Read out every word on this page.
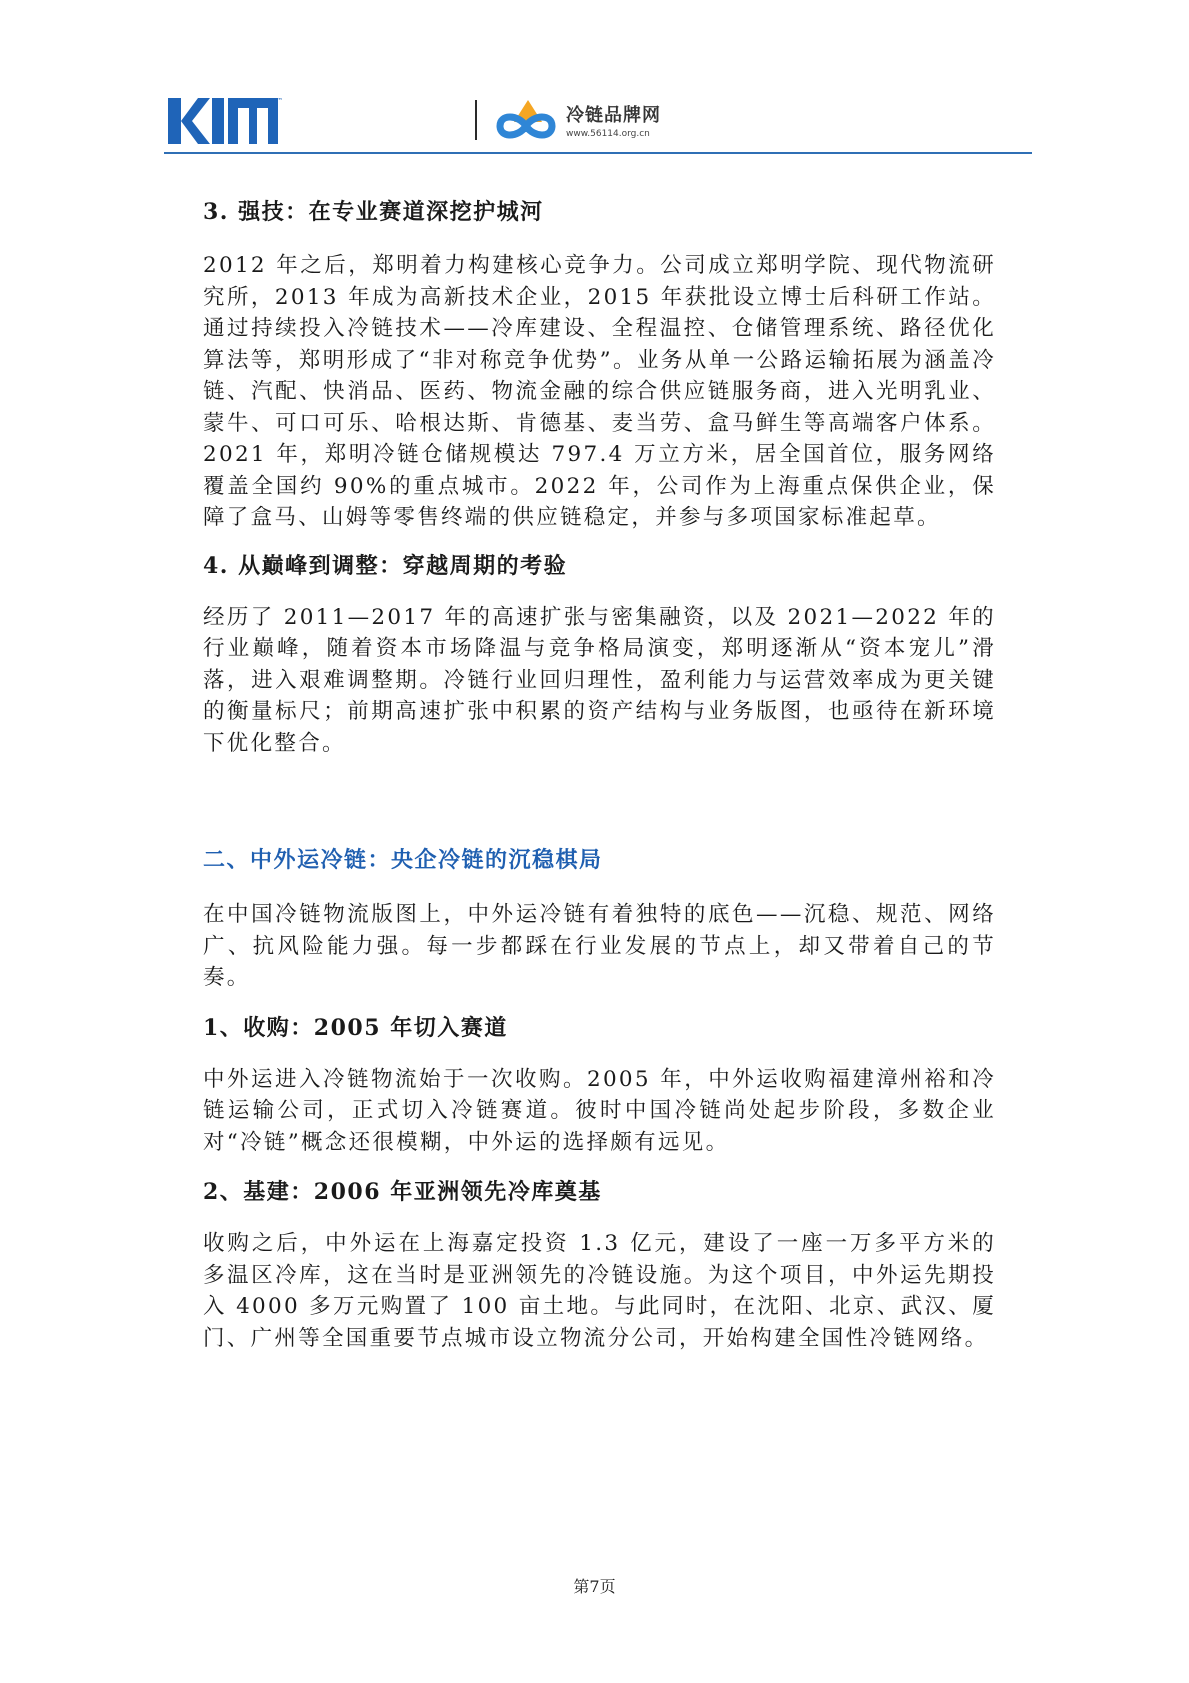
™
冷链品牌网
www.56114.org.cn
3. 强技：在专业赛道深挖护城河

2012 年之后，郑明着力构建核心竞争力。公司成立郑明学院、现代物流研究所，2013 年成为高新技术企业，2015 年获批设立博士后科研工作站。通过持续投入冷链技术——冷库建设、全程温控、仓储管理系统、路径优化算法等，郑明形成了“非对称竞争优势”。业务从单一公路运输拓展为涵盖冷链、汽配、快消品、医药、物流金融的综合供应链服务商，进入光明乳业、蒙牛、可口可乐、哈根达斯、肯德基、麦当劳、盒马鲜生等高端客户体系。2021 年，郑明冷链仓储规模达 797.4 万立方米，居全国首位，服务网络覆盖全国约 90%的重点城市。2022 年，公司作为上海重点保供企业，保障了盒马、山姆等零售终端的供应链稳定，并参与多项国家标准起草。

4. 从巅峰到调整：穿越周期的考验

经历了 2011—2017 年的高速扩张与密集融资，以及 2021—2022 年的行业巅峰，随着资本市场降温与竞争格局演变，郑明逐渐从“资本宠儿”滑落，进入艰难调整期。冷链行业回归理性，盈利能力与运营效率成为更关键的衡量标尺；前期高速扩张中积累的资产结构与业务版图，也亟待在新环境下优化整合。

二、中外运冷链：央企冷链的沉稳棋局

在中国冷链物流版图上，中外运冷链有着独特的底色——沉稳、规范、网络广、抗风险能力强。每一步都踩在行业发展的节点上，却又带着自己的节奏。

1、收购：2005 年切入赛道

中外运进入冷链物流始于一次收购。2005 年，中外运收购福建漳州裕和冷链运输公司，正式切入冷链赛道。彼时中国冷链尚处起步阶段，多数企业对“冷链”概念还很模糊，中外运的选择颇有远见。

2、基建：2006 年亚洲领先冷库奠基

收购之后，中外运在上海嘉定投资 1.3 亿元，建设了一座一万多平方米的多温区冷库，这在当时是亚洲领先的冷链设施。为这个项目，中外运先期投入 4000 多万元购置了 100 亩土地。与此同时，在沈阳、北京、武汉、厦门、广州等全国重要节点城市设立物流分公司，开始构建全国性冷链网络。

第7页
